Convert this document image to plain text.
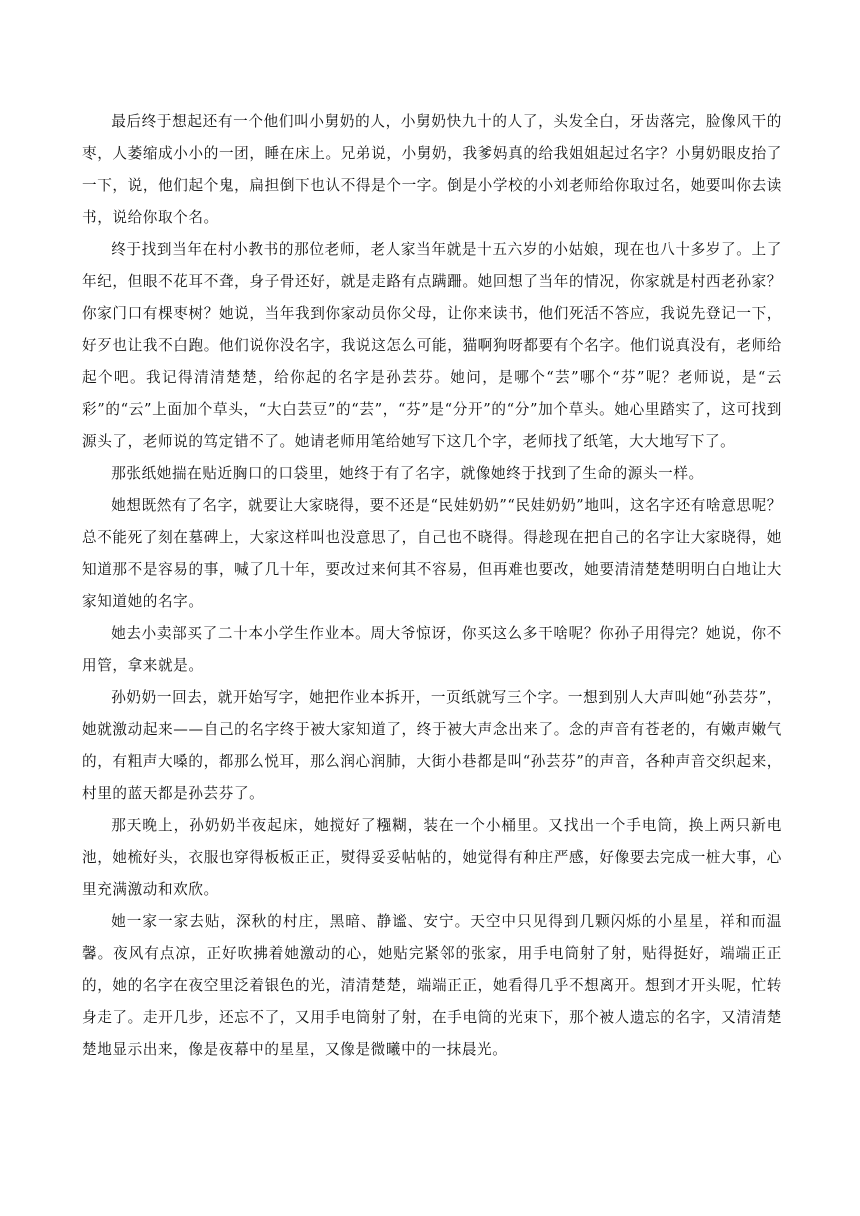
最后终于想起还有一个他们叫小舅奶的人，小舅奶快九十的人了，头发全白，牙齿落完，脸像风干的枣，人萎缩成小小的一团，睡在床上。兄弟说，小舅奶，我爹妈真的给我姐姐起过名字？小舅奶眼皮抬了一下，说，他们起个鬼，扁担倒下也认不得是个一字。倒是小学校的小刘老师给你取过名，她要叫你去读书，说给你取个名。

终于找到当年在村小教书的那位老师，老人家当年就是十五六岁的小姑娘，现在也八十多岁了。上了年纪，但眼不花耳不聋，身子骨还好，就是走路有点蹒跚。她回想了当年的情况，你家就是村西老孙家？你家门口有棵枣树？她说，当年我到你家动员你父母，让你来读书，他们死活不答应，我说先登记一下，好歹也让我不白跑。他们说你没名字，我说这怎么可能，猫啊狗呀都要有个名字。他们说真没有，老师给起个吧。我记得清清楚楚，给你起的名字是孙芸芬。她问，是哪个“芸”哪个“芬”呢？老师说，是“云彩”的“云”上面加个草头，“大白芸豆”的“芸”，“芬”是“分开”的“分”加个草头。她心里踏实了，这可找到源头了，老师说的笃定错不了。她请老师用笔给她写下这几个字，老师找了纸笔，大大地写下了。

那张纸她揣在贴近胸口的口袋里，她终于有了名字，就像她终于找到了生命的源头一样。

她想既然有了名字，就要让大家晓得，要不还是“民娃奶奶”“民娃奶奶”地叫，这名字还有啥意思呢？总不能死了刻在墓碑上，大家这样叫也没意思了，自己也不晓得。得趁现在把自己的名字让大家晓得，她知道那不是容易的事，喊了几十年，要改过来何其不容易，但再难也要改，她要清清楚楚明明白白地让大家知道她的名字。

她去小卖部买了二十本小学生作业本。周大爷惊讶，你买这么多干啥呢？你孙子用得完？她说，你不用管，拿来就是。

孙奶奶一回去，就开始写字，她把作业本拆开，一页纸就写三个字。一想到别人大声叫她“孙芸芬”，她就激动起来——自己的名字终于被大家知道了，终于被大声念出来了。念的声音有苍老的，有嫩声嫩气的，有粗声大嗓的，都那么悦耳，那么润心润肺，大街小巷都是叫“孙芸芬”的声音，各种声音交织起来，村里的蓝天都是孙芸芬了。

那天晚上，孙奶奶半夜起床，她搅好了糨糊，装在一个小桶里。又找出一个手电筒，换上两只新电池，她梳好头，衣服也穿得板板正正，熨得妥妥帖帖的，她觉得有种庄严感，好像要去完成一桩大事，心里充满激动和欢欣。

她一家一家去贴，深秋的村庄，黑暗、静谧、安宁。天空中只见得到几颗闪烁的小星星，祥和而温馨。夜风有点凉，正好吹拂着她激动的心，她贴完紧邻的张家，用手电筒射了射，贴得挺好，端端正正的，她的名字在夜空里泛着银色的光，清清楚楚，端端正正，她看得几乎不想离开。想到才开头呢，忙转身走了。走开几步，还忘不了，又用手电筒射了射，在手电筒的光束下，那个被人遗忘的名字，又清清楚楚地显示出来，像是夜幕中的星星，又像是微曦中的一抹晨光。
